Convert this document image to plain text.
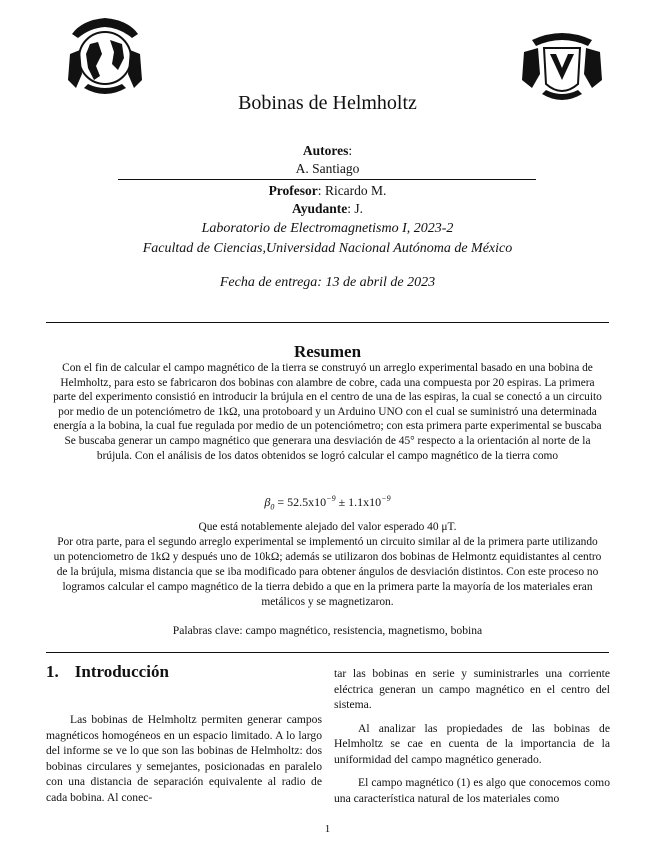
Bobinas de Helmholtz
Autores:
A. Santiago
Profesor: Ricardo M.
Ayudante: J.
Laboratorio de Electromagnetismo I, 2023-2
Facultad de Ciencias,Universidad Nacional Autónoma de México
Fecha de entrega: 13 de abril de 2023
Resumen
Con el fin de calcular el campo magnético de la tierra se construyó un arreglo experimental basado en una bobina de Helmholtz, para esto se fabricaron dos bobinas con alambre de cobre, cada una compuesta por 20 espiras. La primera parte del experimento consistió en introducir la brújula en el centro de una de las espiras, la cual se conectó a un circuito por medio de un potenciómetro de 1kΩ, una protoboard y un Arduino UNO con el cual se suministró una determinada energía a la bobina, la cual fue regulada por medio de un potenciómetro; con esta primera parte experimental se buscaba Se buscaba generar un campo magnético que generara una desviación de 45° respecto a la orientación al norte de la brújula. Con el análisis de los datos obtenidos se logró calcular el campo magnético de la tierra como
$\beta_0 = 52.5x10^{-9} \pm 1.1x10^{-9}$
Que está notablemente alejado del valor esperado 40 μT.
Por otra parte, para el segundo arreglo experimental se implementó un circuito similar al de la primera parte utilizando un potenciometro de 1kΩ y después uno de 10kΩ; además se utilizaron dos bobinas de Helmontz equidistantes al centro de la brújula, misma distancia que se iba modificado para obtener ángulos de desviación distintos. Con este proceso no logramos calcular el campo magnético de la tierra debido a que en la primera parte la mayoría de los materiales eran metálicos y se magnetizaron.
Palabras clave: campo magnético, resistencia, magnetismo, bobina
1. Introducción

Las bobinas de Helmholtz permiten generar campos magnéticos homogéneos en un espacio limitado. A lo largo del informe se ve lo que son las bobinas de Helmholtz: dos bobinas circulares y semejantes, posicionadas en paralelo con una distancia de separación equivalente al radio de cada bobina. Al conec-

tar las bobinas en serie y suministrarles una corriente eléctrica generan un campo magnético en el centro del sistema.

Al analizar las propiedades de las bobinas de Helmholtz se cae en cuenta de la importancia de la uniformidad del campo magnético generado.

El campo magnético (1) es algo que conocemos como una característica natural de los materiales como

1
